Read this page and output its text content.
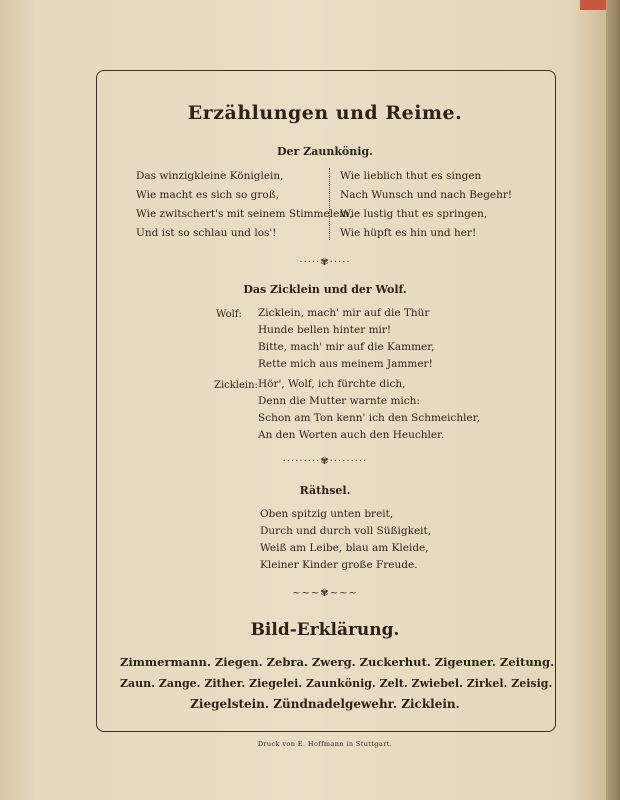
Erzählungen und Reime.
Der Zaunkönig.
Das winzigkleine Königlein,
Wie macht es sich so groß,
Wie zwitschert's mit seinem Stimmelein,
Und ist so schlau und los'!
Wie lieblich thut es singen
Nach Wunsch und nach Begehr!
Wie lustig thut es springen,
Wie hüpft es hin und her!
·····✾·····
Das Zicklein und der Wolf.
Wolf: Zicklein, mach' mir auf die Thür
Hunde bellen hinter mir!
Bitte, mach' mir auf die Kammer,
Rette mich aus meinem Jammer!
Zicklein: Hör', Wolf, ich fürchte dich,
Denn die Mutter warnte mich:
Schon am Ton kenn' ich den Schmeichler,
An den Worten auch den Heuchler.
·········✾·········
Räthsel.
Oben spitzig unten breit,
Durch und durch voll Süßigkeit,
Weiß am Leibe, blau am Kleide,
Kleiner Kinder große Freude.
~~~✾~~~
Bild-Erklärung.
Zimmermann. Ziegen. Zebra. Zwerg. Zuckerhut. Zigeuner. Zeitung.
Zaun. Zange. Zither. Ziegelei. Zaunkönig. Zelt. Zwiebel. Zirkel. Zeisig.
Ziegelstein. Zündnadelgewehr. Zicklein.
Druck von E. Hoffmann in Stuttgart.
